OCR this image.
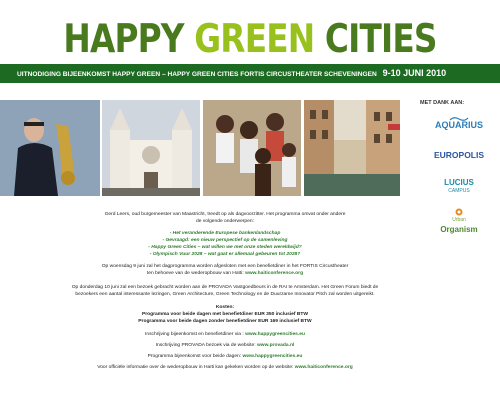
HAPPY GREEN CITIES
UITNODIGING BIJEENKOMST HAPPY GREEN – HAPPY GREEN CITIES FORTIS CIRCUSTHEATER SCHEVENINGEN 9-10 JUNI 2010
MET DANK AAN:
AQUARIUS
EUROPOLIS
LUCIUS
CAMPUS
Urban
Organism
Gerd Leers, oud burgemeester van Maastricht, treedt op als dagvoorzitter. Het programma omvat onder andere
de volgende onderwerpen:
- Het veranderende Europese bankenlandschap
- Gevraagd: een nieuw perspectief op de samenleving
- Happy Green Cities – wat willen we met onze steden wereldwijd?
- Olympisch Vuur 2028 – wat gaat er allemaal gebeuren tot 2028?
Op woensdag 9 juni zal het dagprogramma worden afgesloten met een benefietdiner in het FORTIS Circustheater
ten behoeve van de wederopbouw van Haïti: www.haiticonference.org
Op donderdag 10 juni zal een bezoek gebracht worden aan de PROVADA Vastgoedbeurs in de RAI te Amsterdam. Het Green Forum biedt de
bezoekers een aantal interessante lezingen, Green Architecture, Green Technology en de Duurzame Innovator Pitch zal worden uitgereikt.
Kosten:
Programma voor beide dagen met benefietdiner EUR 350 inclusief BTW
Programma voor beide dagen zonder benefietdiner EUR 169 inclusief BTW
Inschrijving bijeenkomst en benefietdiner via : www.happygreencities.eu
Inschrijving PROVADA bezoek via de website: www.provada.nl
Programma bijeenkomst voor beide dagen: www.happygreencities.eu
Voor officiële informatie over de wederopbouw in Haïti kan gekeken worden op de website: www.haiticonference.org
